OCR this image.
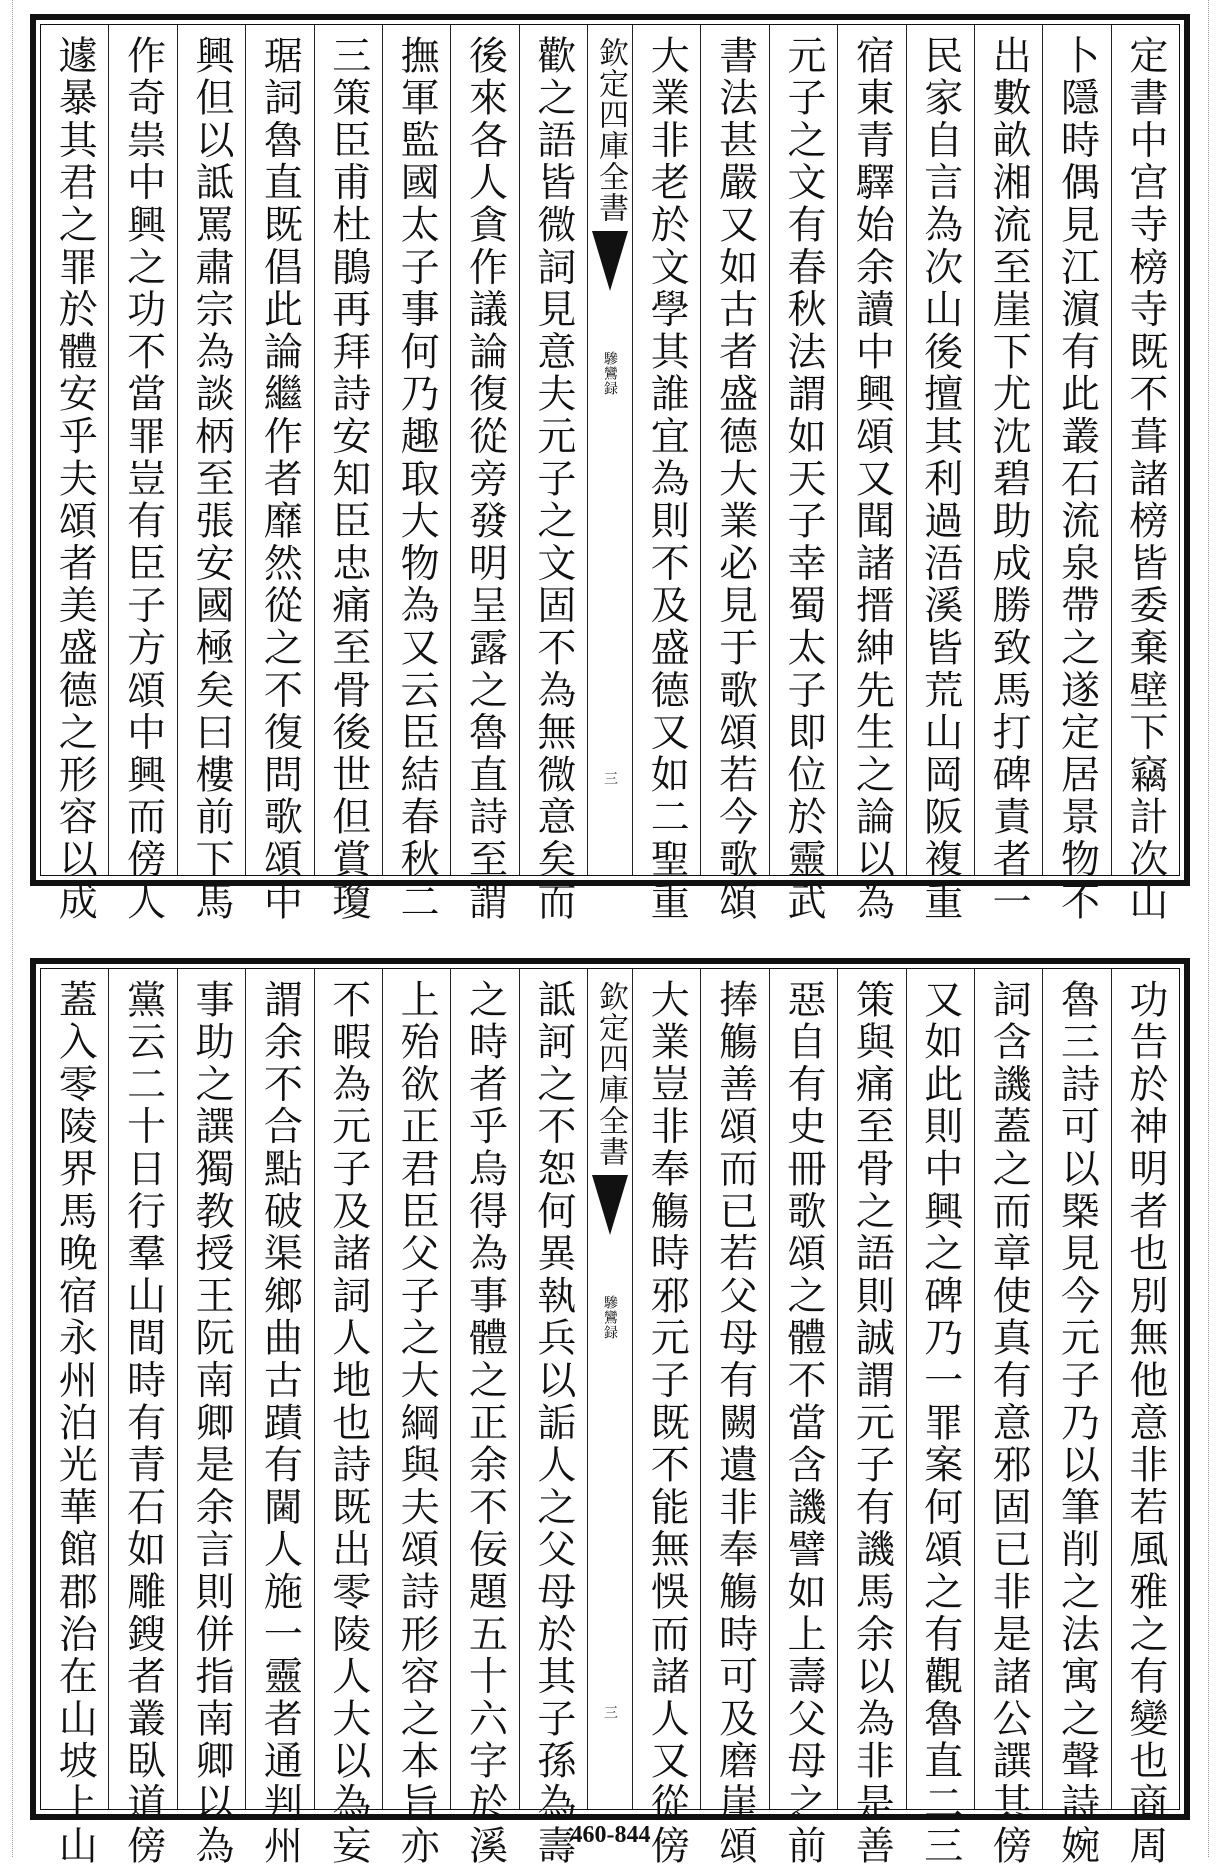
定書中宫寺榜寺既不葺諸榜皆委棄壁下竊計次山
卜隱時偶見江濵有此叢石流泉帶之遂定居景物不
出數畝湘流至崖下尤沈碧助成勝致馬打碑責者一
民家自言為次山後擅其利過浯溪皆荒山岡阪複重
宿東青驛始余讀中興頌又聞諸搢紳先生之論以為
元子之文有春秋法謂如天子幸蜀太子即位於靈武
書法甚嚴又如古者盛德大業必見于歌頌若今歌頌
大業非老於文學其誰宜為則不及盛德又如二聖重
欽定四庫全書
驂鸞録
三
歡之語皆微詞見意夫元子之文固不為無微意矣而
後來各人貪作議論復從旁發明呈露之魯直詩至謂
撫軍監國太子事何乃趣取大物為又云臣結春秋二
三策臣甫杜鵑再拜詩安知臣忠痛至骨後世但賞瓊
琚詞魯直既倡此論繼作者靡然從之不復問歌頌中
興但以詆罵肅宗為談柄至張安國極矣曰樓前下馬
作奇祟中興之功不當罪豈有臣子方頌中興而傍人
遽暴其君之罪於體安乎夫頌者美盛德之形容以成
功告於神明者也別無他意非若風雅之有變也商周
魯三詩可以槩見今元子乃以筆削之法寓之聲詩婉
詞含譏蓋之而章使真有意邪固已非是諸公譔其傍
又如此則中興之碑乃一罪案何頌之有觀魯直二三
策與痛至骨之語則誠謂元子有譏馬余以為非是善
惡自有史冊歌頌之體不當含譏譬如上壽父母之前
捧觴善頌而已若父母有闕遺非奉觴時可及磨崖頌
大業豈非奉觴時邪元子既不能無悞而諸人又從傍
欽定四庫全書
驂鸞録
三
詆訶之不恕何異執兵以詬人之父母於其子孫為壽
之時者乎烏得為事體之正余不佞題五十六字於溪
上殆欲正君臣父子之大綱與夫頌詩形容之本旨亦
不暇為元子及諸詞人地也詩既出零陵人大以為妄
謂余不合點破渠鄉曲古蹟有閫人施一靈者通判州
事助之譔獨教授王阮南卿是余言則併指南卿以為
黨云二十日行羣山間時有青石如雕鎪者叢臥道傍
蓋入零陵界馬晚宿永州泊光華館郡治在山坡上山	460-844
